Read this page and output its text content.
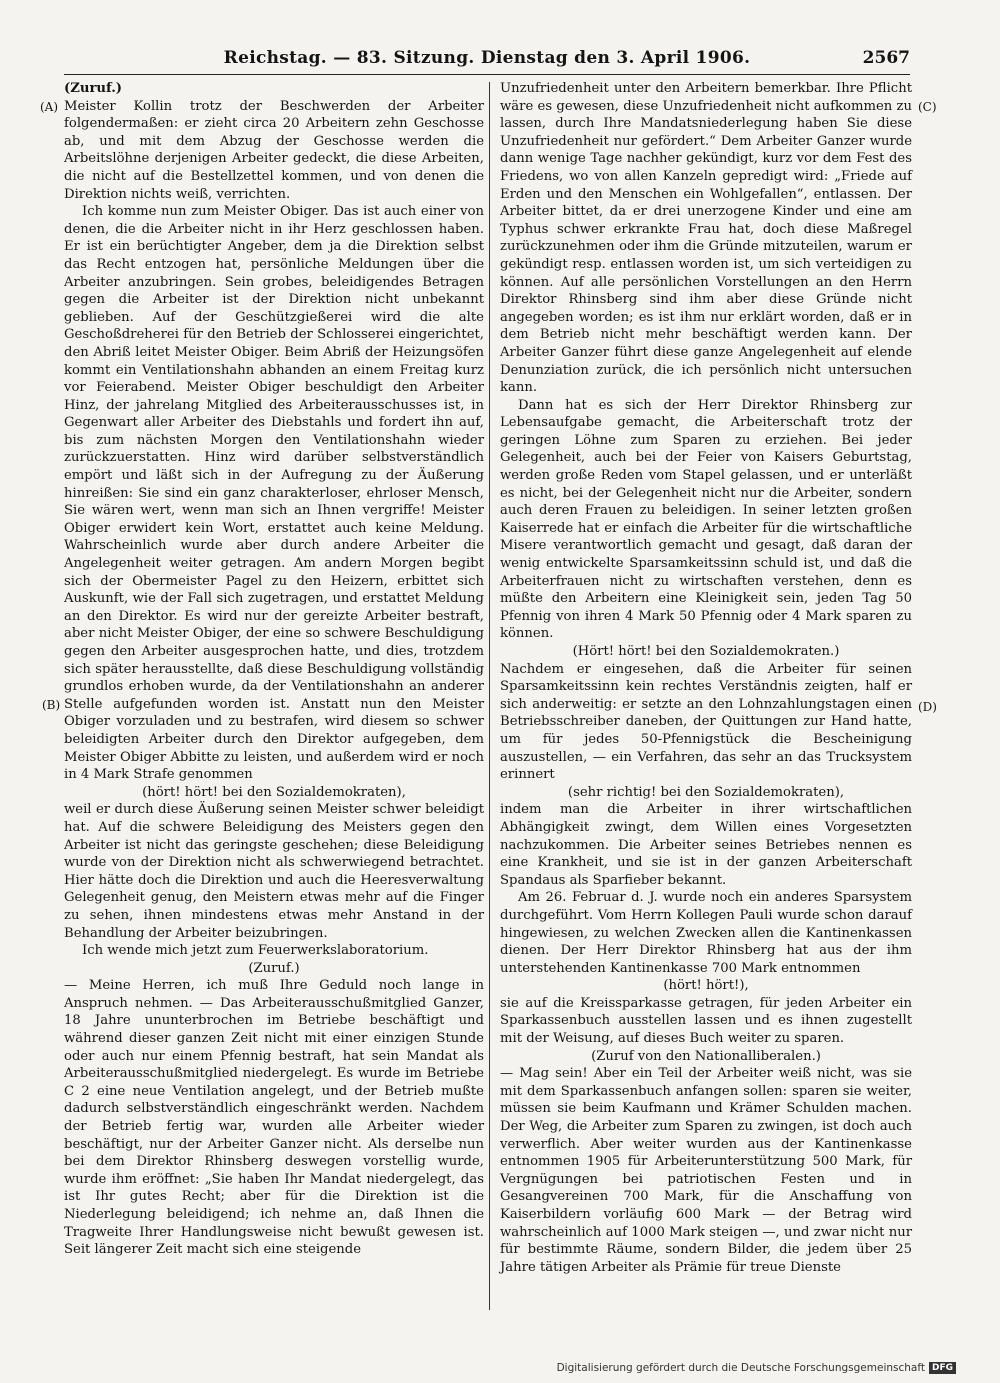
Reichstag. — 83. Sitzung. Dienstag den 3. April 1906.	2567
(A)
(B)
(C)
(D)

(Zuruf.)

Meister Kollin trotz der Beschwerden der Arbeiter folgendermaßen: er zieht circa 20 Arbeitern zehn Geschosse ab, und mit dem Abzug der Geschosse werden die Arbeitslöhne derjenigen Arbeiter gedeckt, die diese Arbeiten, die nicht auf die Bestellzettel kommen, und von denen die Direktion nichts weiß, verrichten.

Ich komme nun zum Meister Obiger. Das ist auch einer von denen, die die Arbeiter nicht in ihr Herz geschlossen haben. Er ist ein berüchtigter Angeber, dem ja die Direktion selbst das Recht entzogen hat, persönliche Meldungen über die Arbeiter anzubringen. Sein grobes, beleidigendes Betragen gegen die Arbeiter ist der Direktion nicht unbekannt geblieben. Auf der Geschützgießerei wird die alte Geschoßdreherei für den Betrieb der Schlosserei eingerichtet, den Abriß leitet Meister Obiger. Beim Abriß der Heizungsöfen kommt ein Ventilationshahn abhanden an einem Freitag kurz vor Feierabend. Meister Obiger beschuldigt den Arbeiter Hinz, der jahrelang Mitglied des Arbeiterausschusses ist, in Gegenwart aller Arbeiter des Diebstahls und fordert ihn auf, bis zum nächsten Morgen den Ventilationshahn wieder zurückzuerstatten. Hinz wird darüber selbstverständlich empört und läßt sich in der Aufregung zu der Äußerung hinreißen: Sie sind ein ganz charakterloser, ehrloser Mensch, Sie wären wert, wenn man sich an Ihnen vergriffe! Meister Obiger erwidert kein Wort, erstattet auch keine Meldung. Wahrscheinlich wurde aber durch andere Arbeiter die Angelegenheit weiter getragen. Am andern Morgen begibt sich der Obermeister Pagel zu den Heizern, erbittet sich Auskunft, wie der Fall sich zugetragen, und erstattet Meldung an den Direktor. Es wird nur der gereizte Arbeiter bestraft, aber nicht Meister Obiger, der eine so schwere Beschuldigung gegen den Arbeiter ausgesprochen hatte, und dies, trotzdem sich später herausstellte, daß diese Beschuldigung vollständig grundlos erhoben wurde, da der Ventilationshahn an anderer Stelle aufgefunden worden ist. Anstatt nun den Meister Obiger vorzuladen und zu bestrafen, wird diesem so schwer beleidigten Arbeiter durch den Direktor aufgegeben, dem Meister Obiger Abbitte zu leisten, und außerdem wird er noch in 4 Mark Strafe genommen

(hört! hört! bei den Sozialdemokraten),

weil er durch diese Äußerung seinen Meister schwer beleidigt hat. Auf die schwere Beleidigung des Meisters gegen den Arbeiter ist nicht das geringste geschehen; diese Beleidigung wurde von der Direktion nicht als schwerwiegend betrachtet. Hier hätte doch die Direktion und auch die Heeresverwaltung Gelegenheit genug, den Meistern etwas mehr auf die Finger zu sehen, ihnen mindestens etwas mehr Anstand in der Behandlung der Arbeiter beizubringen.

Ich wende mich jetzt zum Feuerwerkslaboratorium.

(Zuruf.)

— Meine Herren, ich muß Ihre Geduld noch lange in Anspruch nehmen. — Das Arbeiterausschußmitglied Ganzer, 18 Jahre ununterbrochen im Betriebe beschäftigt und während dieser ganzen Zeit nicht mit einer einzigen Stunde oder auch nur einem Pfennig bestraft, hat sein Mandat als Arbeiterausschußmitglied niedergelegt. Es wurde im Betriebe C 2 eine neue Ventilation angelegt, und der Betrieb mußte dadurch selbstverständlich eingeschränkt werden. Nachdem der Betrieb fertig war, wurden alle Arbeiter wieder beschäftigt, nur der Arbeiter Ganzer nicht. Als derselbe nun bei dem Direktor Rhinsberg deswegen vorstellig wurde, wurde ihm eröffnet: „Sie haben Ihr Mandat niedergelegt, das ist Ihr gutes Recht; aber für die Direktion ist die Niederlegung beleidigend; ich nehme an, daß Ihnen die Tragweite Ihrer Handlungsweise nicht bewußt gewesen ist. Seit längerer Zeit macht sich eine steigende

Unzufriedenheit unter den Arbeitern bemerkbar. Ihre Pflicht wäre es gewesen, diese Unzufriedenheit nicht aufkommen zu lassen, durch Ihre Mandatsniederlegung haben Sie diese Unzufriedenheit nur gefördert.“ Dem Arbeiter Ganzer wurde dann wenige Tage nachher gekündigt, kurz vor dem Fest des Friedens, wo von allen Kanzeln gepredigt wird: „Friede auf Erden und den Menschen ein Wohlgefallen“, entlassen. Der Arbeiter bittet, da er drei unerzogene Kinder und eine am Typhus schwer erkrankte Frau hat, doch diese Maßregel zurückzunehmen oder ihm die Gründe mitzuteilen, warum er gekündigt resp. entlassen worden ist, um sich verteidigen zu können. Auf alle persönlichen Vorstellungen an den Herrn Direktor Rhinsberg sind ihm aber diese Gründe nicht angegeben worden; es ist ihm nur erklärt worden, daß er in dem Betrieb nicht mehr beschäftigt werden kann. Der Arbeiter Ganzer führt diese ganze Angelegenheit auf elende Denunziation zurück, die ich persönlich nicht untersuchen kann.

Dann hat es sich der Herr Direktor Rhinsberg zur Lebensaufgabe gemacht, die Arbeiterschaft trotz der geringen Löhne zum Sparen zu erziehen. Bei jeder Gelegenheit, auch bei der Feier von Kaisers Geburtstag, werden große Reden vom Stapel gelassen, und er unterläßt es nicht, bei der Gelegenheit nicht nur die Arbeiter, sondern auch deren Frauen zu beleidigen. In seiner letzten großen Kaiserrede hat er einfach die Arbeiter für die wirtschaftliche Misere verantwortlich gemacht und gesagt, daß daran der wenig entwickelte Sparsamkeitssinn schuld ist, und daß die Arbeiterfrauen nicht zu wirtschaften verstehen, denn es müßte den Arbeitern eine Kleinigkeit sein, jeden Tag 50 Pfennig von ihren 4 Mark 50 Pfennig oder 4 Mark sparen zu können.

(Hört! hört! bei den Sozialdemokraten.)

Nachdem er eingesehen, daß die Arbeiter für seinen Sparsamkeitssinn kein rechtes Verständnis zeigten, half er sich anderweitig: er setzte an den Lohnzahlungstagen einen Betriebsschreiber daneben, der Quittungen zur Hand hatte, um für jedes 50-Pfennigstück die Bescheinigung auszustellen, — ein Verfahren, das sehr an das Trucksystem erinnert

(sehr richtig! bei den Sozialdemokraten),

indem man die Arbeiter in ihrer wirtschaftlichen Abhängigkeit zwingt, dem Willen eines Vorgesetzten nachzukommen. Die Arbeiter seines Betriebes nennen es eine Krankheit, und sie ist in der ganzen Arbeiterschaft Spandaus als Sparfieber bekannt.

Am 26. Februar d. J. wurde noch ein anderes Sparsystem durchgeführt. Vom Herrn Kollegen Pauli wurde schon darauf hingewiesen, zu welchen Zwecken allen die Kantinenkassen dienen. Der Herr Direktor Rhinsberg hat aus der ihm unterstehenden Kantinenkasse 700 Mark entnommen

(hört! hört!),

sie auf die Kreissparkasse getragen, für jeden Arbeiter ein Sparkassenbuch ausstellen lassen und es ihnen zugestellt mit der Weisung, auf dieses Buch weiter zu sparen.

(Zuruf von den Nationalliberalen.)

— Mag sein! Aber ein Teil der Arbeiter weiß nicht, was sie mit dem Sparkassenbuch anfangen sollen: sparen sie weiter, müssen sie beim Kaufmann und Krämer Schulden machen. Der Weg, die Arbeiter zum Sparen zu zwingen, ist doch auch verwerflich. Aber weiter wurden aus der Kantinenkasse entnommen 1905 für Arbeiterunterstützung 500 Mark, für Vergnügungen bei patriotischen Festen und in Gesangvereinen 700 Mark, für die Anschaffung von Kaiserbildern vorläufig 600 Mark — der Betrag wird wahrscheinlich auf 1000 Mark steigen —, und zwar nicht nur für bestimmte Räume, sondern Bilder, die jedem über 25 Jahre tätigen Arbeiter als Prämie für treue Dienste

Digitalisierung gefördert durch die Deutsche Forschungsgemeinschaft DFG
